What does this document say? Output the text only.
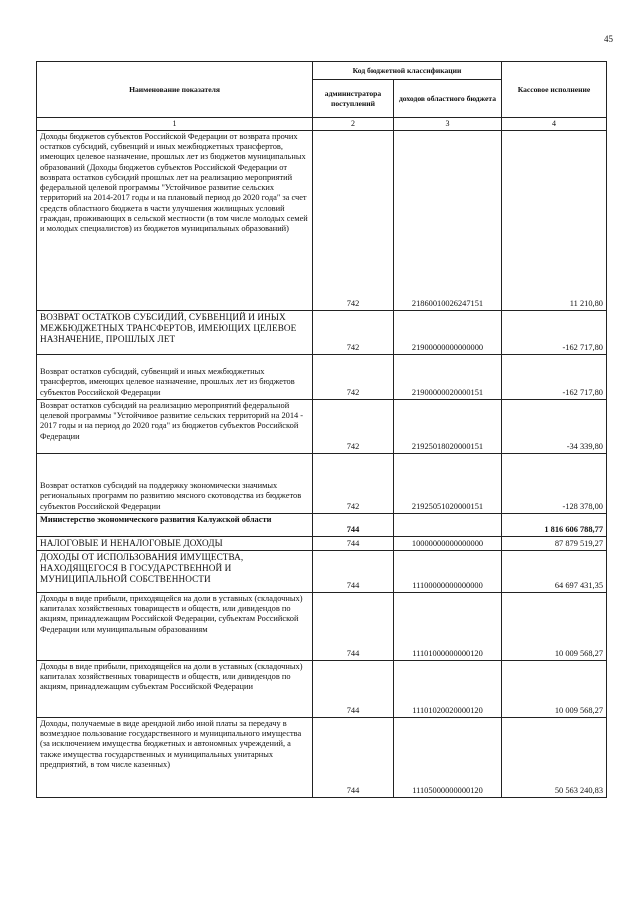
45
Наименование показателя	Код бюджетной классификации		Кассовое исполнение
	администратора поступлений	доходов областного бюджета	
1	2	3	4
Доходы бюджетов субъектов Российской Федерации от возврата прочих остатков субсидий, субвенций и иных межбюджетных трансфертов, имеющих целевое назначение, прошлых лет из бюджетов муниципальных образований (Доходы бюджетов субъектов Российской Федерации от возврата остатков субсидий прошлых лет на реализацию мероприятий федеральной целевой программы "Устойчивое развитие сельских территорий на 2014-2017 годы и на плановый период до 2020 года" за счет средств областного бюджета в части улучшения жилищных условий граждан, проживающих в сельской местности (в том числе молодых семей и молодых специалистов) из бюджетов муниципальных образований)	742	21860010026247151	11 210,80
ВОЗВРАТ ОСТАТКОВ СУБСИДИЙ, СУБВЕНЦИЙ И ИНЫХ МЕЖБЮДЖЕТНЫХ ТРАНСФЕРТОВ, ИМЕЮЩИХ ЦЕЛЕВОЕ НАЗНАЧЕНИЕ, ПРОШЛЫХ ЛЕТ	742	21900000000000000	-162 717,80
Возврат остатков субсидий, субвенций и иных межбюджетных трансфертов, имеющих целевое назначение, прошлых лет из бюджетов субъектов Российской Федерации	742	21900000020000151	-162 717,80
Возврат остатков субсидий на реализацию мероприятий федеральной целевой программы "Устойчивое развитие сельских территорий на 2014 - 2017 годы и на период до 2020 года" из бюджетов субъектов Российской Федерации	742	21925018020000151	-34 339,80
Возврат остатков субсидий на поддержку экономически значимых региональных программ по развитию мясного скотоводства из бюджетов субъектов Российской Федерации	742	21925051020000151	-128 378,00
Министерство экономического развития Калужской области	744		1 816 606 788,77
НАЛОГОВЫЕ И НЕНАЛОГОВЫЕ ДОХОДЫ	744	10000000000000000	87 879 519,27
ДОХОДЫ ОТ ИСПОЛЬЗОВАНИЯ ИМУЩЕСТВА, НАХОДЯЩЕГОСЯ В ГОСУДАРСТВЕННОЙ И МУНИЦИПАЛЬНОЙ СОБСТВЕННОСТИ	744	11100000000000000	64 697 431,35
Доходы в виде прибыли, приходящейся на доли в уставных (складочных) капиталах хозяйственных товариществ и обществ, или дивидендов по акциям, принадлежащим Российской Федерации, субъектам Российской Федерации или муниципальным образованиям	744	11101000000000120	10 009 568,27
Доходы в виде прибыли, приходящейся на доли в уставных (складочных) капиталах хозяйственных товариществ и обществ, или дивидендов по акциям, принадлежащим субъектам Российской Федерации	744	11101020020000120	10 009 568,27
Доходы, получаемые в виде арендной либо иной платы за передачу в возмездное пользование государственного и муниципального имущества (за исключением имущества бюджетных и автономных учреждений, а также имущества государственных и муниципальных унитарных предприятий, в том числе казенных)	744	11105000000000120	50 563 240,83
